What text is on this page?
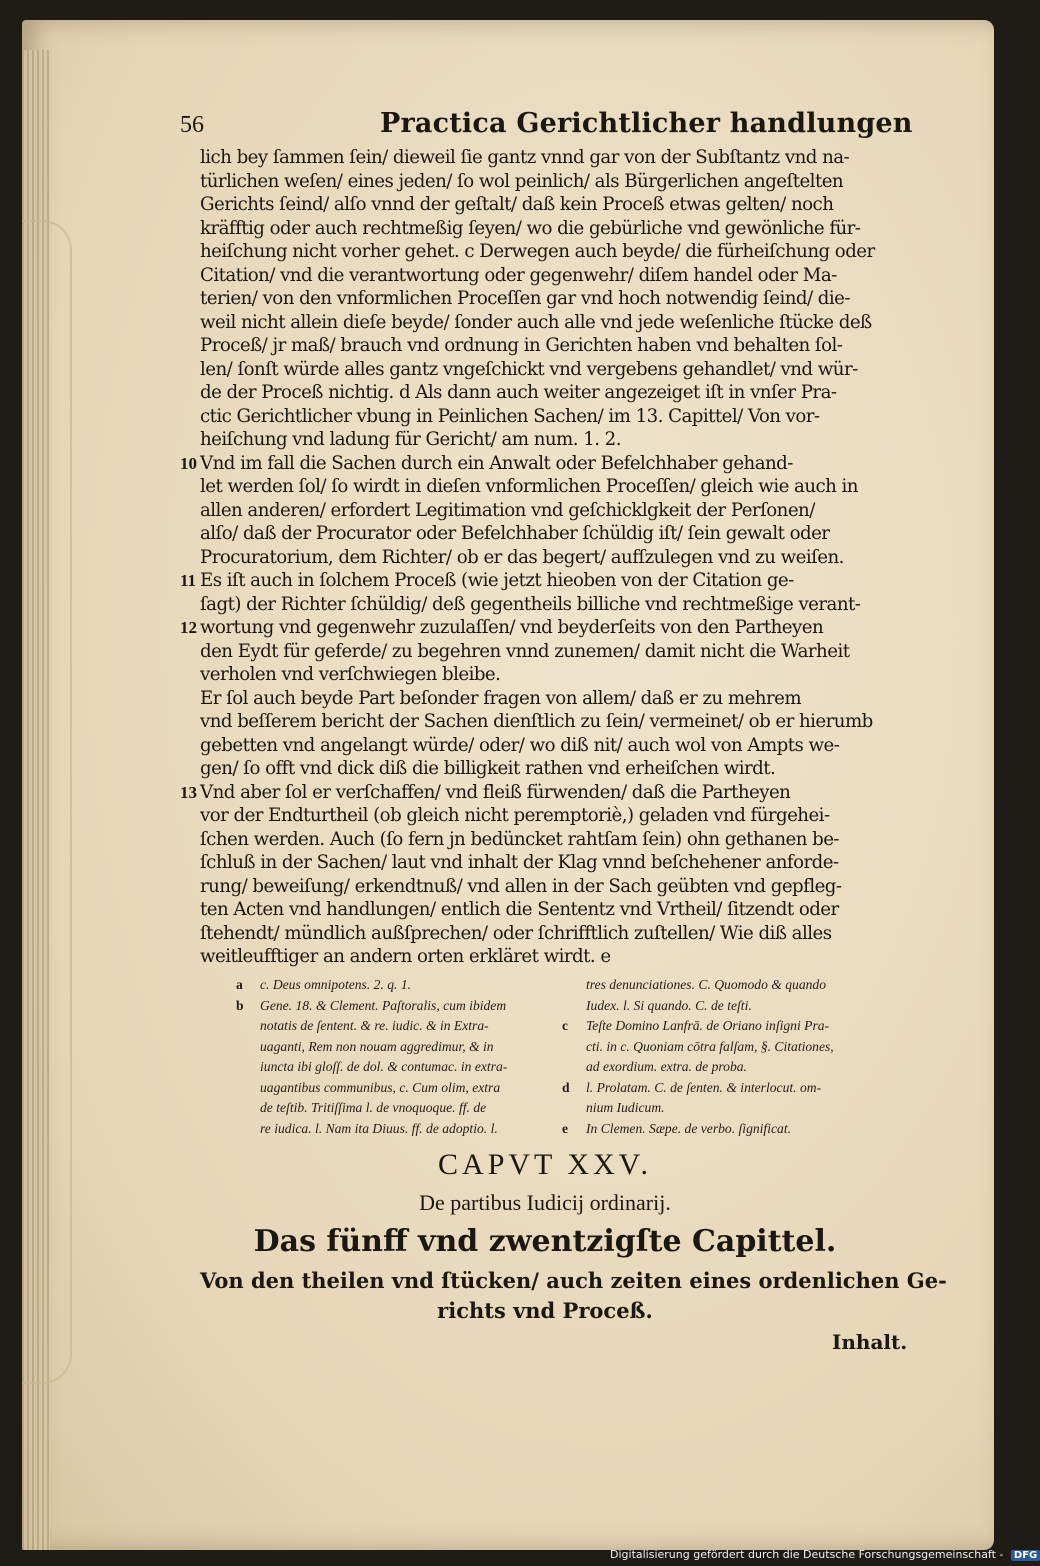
56	Practica Gerichtlicher handlungen
lich bey ſammen ſein/ dieweil ſie gantz vnnd gar von der Subſtantz vnd na-
türlichen weſen/ eines jeden/ ſo wol peinlich/ als Bürgerlichen angeſtelten
Gerichts ſeind/ alſo vnnd der geſtalt/ daß kein Proceß etwas gelten/ noch
kräfftig oder auch rechtmeßig ſeyen/ wo die gebürliche vnd gewönliche für-
heiſchung nicht vorher gehet. c Derwegen auch beyde/ die fürheiſchung oder
Citation/ vnd die verantwortung oder gegenwehr/ diſem handel oder Ma-
terien/ von den vnformlichen Proceſſen gar vnd hoch notwendig ſeind/ die-
weil nicht allein dieſe beyde/ ſonder auch alle vnd jede weſenliche ſtücke deß
Proceß/ jr maß/ brauch vnd ordnung in Gerichten haben vnd behalten ſol-
len/ ſonſt würde alles gantz vngeſchickt vnd vergebens gehandlet/ vnd wür-
de der Proceß nichtig. d Als dann auch weiter angezeiget iſt in vnſer Pra-
ctic Gerichtlicher vbung in Peinlichen Sachen/ im 13. Capittel/ Von vor-
heiſchung vnd ladung für Gericht/ am num. 1. 2.
Vnd im fall die Sachen durch ein Anwalt oder Befelchhaber gehand-
let werden ſol/ ſo wirdt in dieſen vnformlichen Proceſſen/ gleich wie auch in
allen anderen/ erfordert Legitimation vnd geſchicklgkeit der Perſonen/
alſo/ daß der Procurator oder Befelchhaber ſchüldig iſt/ ſein gewalt oder
Procuratorium, dem Richter/ ob er das begert/ aufſzulegen vnd zu weiſen.
Es iſt auch in ſolchem Proceß (wie jetzt hieoben von der Citation ge-
ſagt) der Richter ſchüldig/ deß gegentheils billiche vnd rechtmeßige verant-
wortung vnd gegenwehr zuzulaſſen/ vnd beyderſeits von den Partheyen
den Eydt für geferde/ zu begehren vnnd zunemen/ damit nicht die Warheit
verholen vnd verſchwiegen bleibe.
Er ſol auch beyde Part beſonder fragen von allem/ daß er zu mehrem
vnd beſſerem bericht der Sachen dienſtlich zu ſein/ vermeinet/ ob er hierumb
gebetten vnd angelangt würde/ oder/ wo diß nit/ auch wol von Ampts we-
gen/ ſo offt vnd dick diß die billigkeit rathen vnd erheiſchen wirdt.
Vnd aber ſol er verſchaffen/ vnd fleiß fürwenden/ daß die Partheyen
vor der Endturtheil (ob gleich nicht peremptoriè,) geladen vnd fürgehei-
ſchen werden. Auch (ſo fern jn bedüncket rahtſam ſein) ohn gethanen be-
ſchluß in der Sachen/ laut vnd inhalt der Klag vnnd beſchehener anforde-
rung/ beweiſung/ erkendtnuß/ vnd allen in der Sach geübten vnd gepfleg-
ten Acten vnd handlungen/ entlich die Sententz vnd Vrtheil/ ſitzendt oder
ſtehendt/ mündlich außſprechen/ oder ſchrifftlich zuſtellen/ Wie diß alles
weitleufftiger an andern orten erkläret wirdt. e
10
11
12
13
a c. Deus omnipotens. 2. q. 1.
b Gene. 18. & Clement. Paſtoralis, cum ibidem
notatis de ſentent. & re. iudic. & in Extra-
uaganti, Rem non nouam aggredimur, & in
iuncta ibi gloſſ. de dol. & contumac. in extra-
uagantibus communibus, c. Cum olim, extra
de teſtib. Tritiſſima l. de vnoquoque. ff. de
re iudica. l. Nam ita Diuus. ff. de adoptio. l.
tres denunciationes. C. Quomodo & quando
Iudex. l. Si quando. C. de teſti.
c Teſte Domino Lanfrā. de Oriano inſigni Pra-
cti. in c. Quoniam cōtra falſam, §. Citationes,
ad exordium. extra. de proba.
d l. Prolatam. C. de ſenten. & interlocut. om-
nium Iudicum.
e In Clemen. Sæpe. de verbo. ſignificat.
CAPVT XXV.
De partibus Iudicij ordinarij.
Das fünff vnd zwentzigſte Capittel.
Von den theilen vnd ſtücken/ auch zeiten eines ordenlichen Ge-
richts vnd Proceß.
Inhalt.
Digitalisierung gefördert durch die Deutsche Forschungsgemeinschaft - DFG
